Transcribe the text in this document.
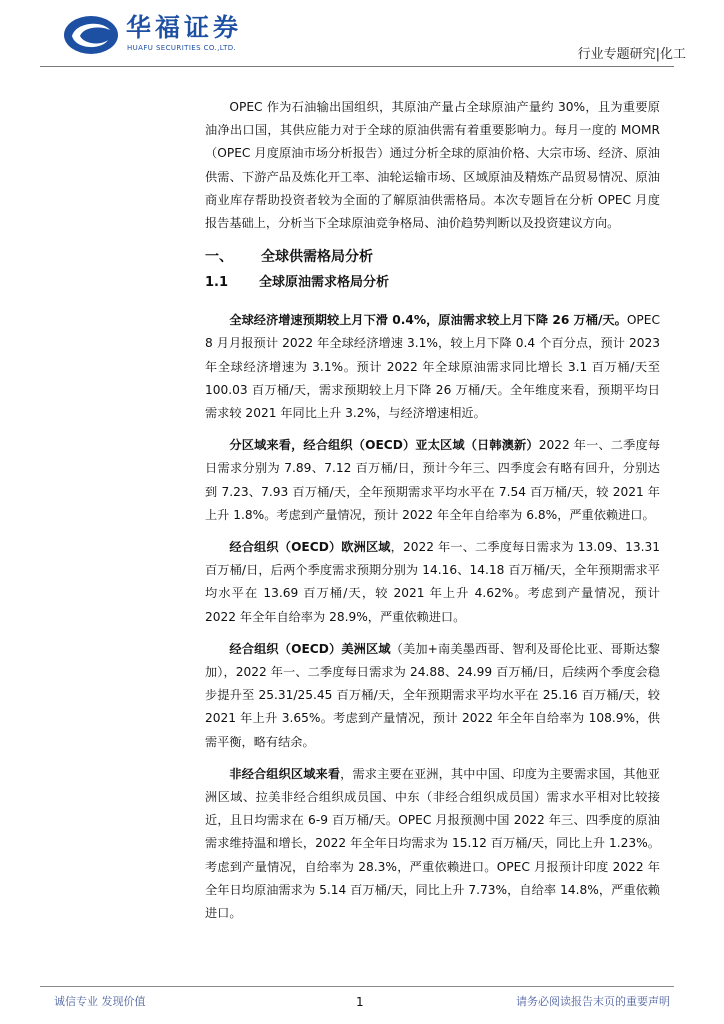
华福证券
HUAFU SECURITIES CO.,LTD.	行业专题研究|化工

OPEC 作为石油输出国组织，其原油产量占全球原油产量约 30%，且为重要原油净出口国，其供应能力对于全球的原油供需有着重要影响力。每月一度的 MOMR（OPEC 月度原油市场分析报告）通过分析全球的原油价格、大宗市场、经济、原油供需、下游产品及炼化开工率、油轮运输市场、区域原油及精炼产品贸易情况、原油商业库存帮助投资者较为全面的了解原油供需格局。本次专题旨在分析 OPEC 月度报告基础上，分析当下全球原油竞争格局、油价趋势判断以及投资建议方向。

一、 全球供需格局分析
1.1 全球原油需求格局分析

全球经济增速预期较上月下滑 0.4%，原油需求较上月下降 26 万桶/天。OPEC 8 月月报预计 2022 年全球经济增速 3.1%，较上月下降 0.4 个百分点，预计 2023 年全球经济增速为 3.1%。预计 2022 年全球原油需求同比增长 3.1 百万桶/天至 100.03 百万桶/天，需求预期较上月下降 26 万桶/天。全年维度来看，预期平均日需求较 2021 年同比上升 3.2%，与经济增速相近。

分区域来看，经合组织（OECD）亚太区域（日韩澳新）2022 年一、二季度每日需求分别为 7.89、7.12 百万桶/日，预计今年三、四季度会有略有回升，分别达到 7.23、7.93 百万桶/天，全年预期需求平均水平在 7.54 百万桶/天，较 2021 年上升 1.8%。考虑到产量情况，预计 2022 年全年自给率为 6.8%，严重依赖进口。

经合组织（OECD）欧洲区域，2022 年一、二季度每日需求为 13.09、13.31 百万桶/日，后两个季度需求预期分别为 14.16、14.18 百万桶/天，全年预期需求平均水平在 13.69 百万桶/天，较 2021 年上升 4.62%。考虑到产量情况，预计 2022 年全年自给率为 28.9%，严重依赖进口。

经合组织（OECD）美洲区域（美加+南美墨西哥、智利及哥伦比亚、哥斯达黎加），2022 年一、二季度每日需求为 24.88、24.99 百万桶/日，后续两个季度会稳步提升至 25.31/25.45 百万桶/天，全年预期需求平均水平在 25.16 百万桶/天，较 2021 年上升 3.65%。考虑到产量情况，预计 2022 年全年自给率为 108.9%，供需平衡，略有结余。

非经合组织区域来看，需求主要在亚洲，其中中国、印度为主要需求国，其他亚洲区域、拉美非经合组织成员国、中东（非经合组织成员国）需求水平相对比较接近，且日均需求在 6-9 百万桶/天。OPEC 月报预测中国 2022 年三、四季度的原油需求维持温和增长，2022 年全年日均需求为 15.12 百万桶/天，同比上升 1.23%。考虑到产量情况，自给率为 28.3%，严重依赖进口。OPEC 月报预计印度 2022 年全年日均原油需求为 5.14 百万桶/天，同比上升 7.73%，自给率 14.8%，严重依赖进口。

诚信专业 发现价值	1	请务必阅读报告末页的重要声明
